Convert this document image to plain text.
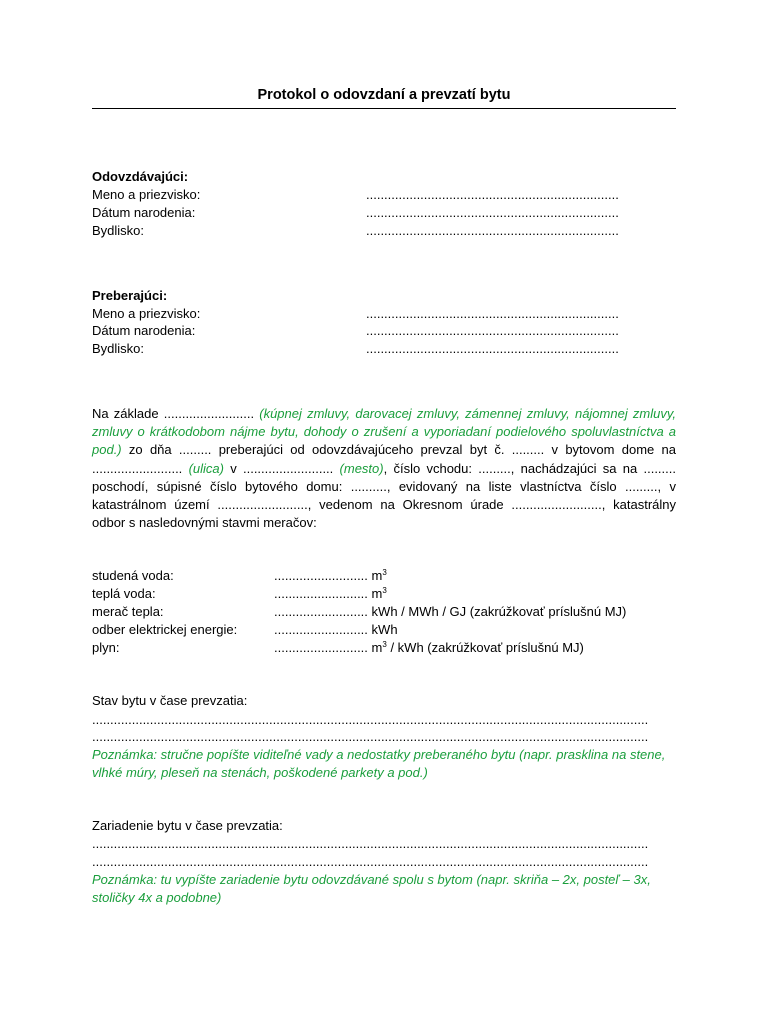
Protokol o odovzdaní a prevzatí bytu
Odovzdávajúci:
Meno a priezvisko:	......................................................................
Dátum narodenia:	......................................................................
Bydlisko:	......................................................................
Preberajúci:
Meno a priezvisko:	......................................................................
Dátum narodenia:	......................................................................
Bydlisko:	......................................................................
Na základe ......................... (kúpnej zmluvy, darovacej zmluvy, zámennej zmluvy, nájomnej zmluvy, zmluvy o krátkodobom nájme bytu, dohody o zrušení a vyporiadaní podielového spoluvlastníctva a pod.) zo dňa ......... preberajúci od odovzdávajúceho prevzal byt č. ......... v bytovom dome na ......................... (ulica) v ......................... (mesto), číslo vchodu: ........., nachádzajúci sa na ......... poschodí, súpisné číslo bytového domu: .........., evidovaný na liste vlastníctva číslo ........., v katastrálnom území ........................., vedenom na Okresnom úrade ........................., katastrálny odbor s nasledovnými stavmi meračov:
studená voda:	.......................... $m^3$
teplá voda:	.......................... $m^3$
merač tepla:	.......................... kWh / MWh / GJ (zakrúžkovať príslušnú MJ)
odber elektrickej energie:	.......................... kWh
plyn:	.......................... $m^3$ / kWh (zakrúžkovať príslušnú MJ)
Stav bytu v čase prevzatia:
..........................................................................................................................................................
..........................................................................................................................................................
Poznámka: stručne popíšte viditeľné vady a nedostatky preberaného bytu (napr. prasklina na stene, vlhké múry, pleseň na stenách, poškodené parkety a pod.)
Zariadenie bytu v čase prevzatia:
..........................................................................................................................................................
..........................................................................................................................................................
Poznámka: tu vypíšte zariadenie bytu odovzdávané spolu s bytom (napr. skriňa – 2x, posteľ – 3x, stoličky 4x a podobne)
